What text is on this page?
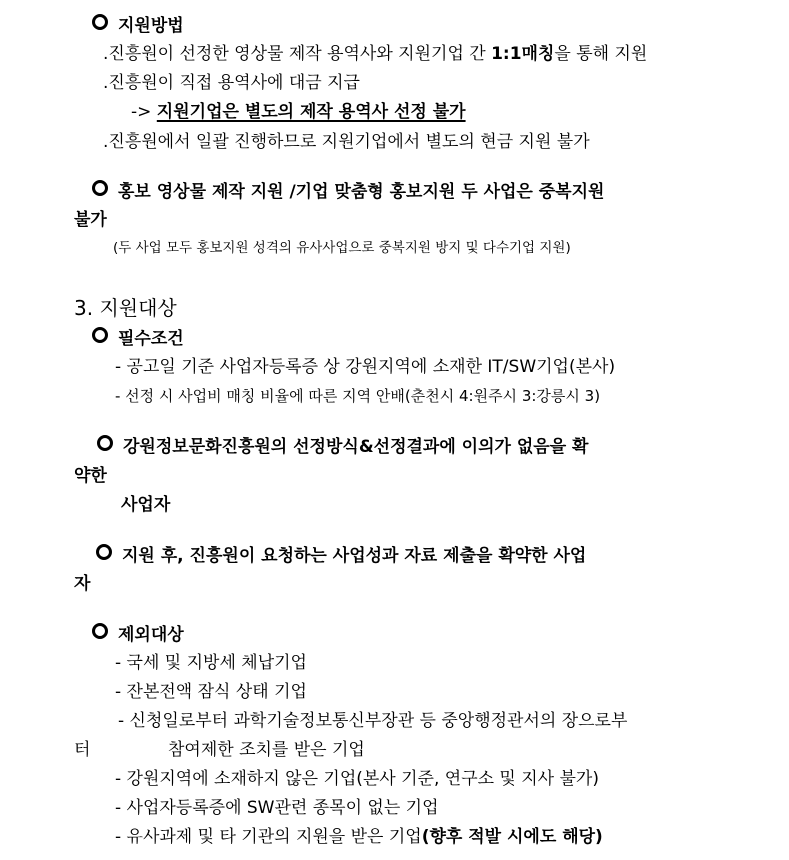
지원방법
.진흥원이 선정한 영상물 제작 용역사와 지원기업 간 1:1매칭을 통해 지원
.진흥원이 직접 용역사에 대금 지급
-> 지원기업은 별도의 제작 용역사 선정 불가
.진흥원에서 일괄 진행하므로 지원기업에서 별도의 현금 지원 불가
홍보 영상물 제작 지원 /기업 맞춤형 홍보지원 두 사업은 중복지원
불가
(두 사업 모두 홍보지원 성격의 유사사업으로 중복지원 방지 및 다수기업 지원)
3. 지원대상
필수조건
- 공고일 기준 사업자등록증 상 강원지역에 소재한 IT/SW기업(본사)
- 선정 시 사업비 매칭 비율에 따른 지역 안배(춘천시 4:원주시 3:강릉시 3)
강원정보문화진흥원의 선정방식&선정결과에 이의가 없음을 확
약한
사업자
지원 후, 진흥원이 요청하는 사업성과 자료 제출을 확약한 사업
자
제외대상
- 국세 및 지방세 체납기업
- 잔본전액 잠식 상태 기업
- 신청일로부터 과학기술정보통신부장관 등 중앙행정관서의 장으로부
터	참여제한 조치를 받은 기업
- 강원지역에 소재하지 않은 기업(본사 기준, 연구소 및 지사 불가)
- 사업자등록증에 SW관련 종목이 없는 기업
- 유사과제 및 타 기관의 지원을 받은 기업(향후 적발 시에도 해당)
